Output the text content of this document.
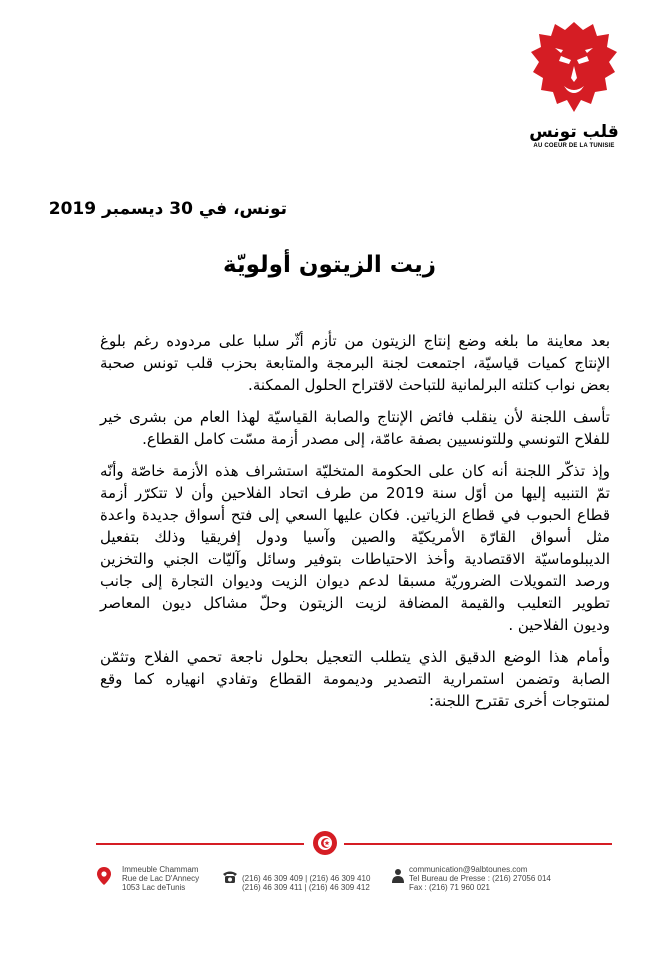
قلب تونس
AU COEUR DE LA TUNISIE
تونس، في 30 ديسمبر 2019
زيت الزيتون أولويّة

بعد معاينة ما بلغه وضع إنتاج الزيتون من تأزم أثّر سلبا على مردوده رغم بلوغ

الإنتاج كميات قياسيّة، اجتمعت لجنة البرمجة والمتابعة بحزب قلب تونس صحبة

بعض نواب كتلته البرلمانية للتباحث لاقتراح الحلول الممكنة.

تأسف اللجنة لأن ينقلب فائض الإنتاج والصابة القياسيّة لهذا العام من بشرى خير

للفلاح التونسي وللتونسيين بصفة عامّة، إلى مصدر أزمة مسّت كامل القطاع.

وإذ تذكّر اللجنة أنه كان على الحكومة المتخليّة استشراف هذه الأزمة خاصّة وأنّه

تمّ التنبيه إليها من أوّل سنة 2019 من طرف اتحاد الفلاحين وأن لا تتكرّر أزمة

قطاع الحبوب في قطاع الزياتين. فكان عليها السعي إلى فتح أسواق جديدة واعدة

مثل أسواق القارّة الأمريكيّة والصين وآسيا ودول إفريقيا وذلك بتفعيل

الديبلوماسيّة الاقتصادية وأخذ الاحتياطات بتوفير وسائل وآليّات الجني والتخزين

ورصد التمويلات الضروريّة مسبقا لدعم ديوان الزيت وديوان التجارة إلى جانب

تطوير التعليب والقيمة المضافة لزيت الزيتون وحلّ مشاكل ديون المعاصر

وديون الفلاحين .

وأمام هذا الوضع الدقيق الذي يتطلب التعجيل بحلول ناجعة تحمي الفلاح وتثمّن

الصابة وتضمن استمرارية التصدير وديمومة القطاع وتفادي انهياره كما وقع

لمنتوجات أخرى تقترح اللجنة:

Immeuble Chammam
Rue de Lac D'Annecy
1053 Lac deTunis
(216) 46 309 409 | (216) 46 309 410
(216) 46 309 411 | (216) 46 309 412
communication@9albtounes.com
Tel Bureau de Presse : (216) 27056 014
Fax : (216) 71 960 021
